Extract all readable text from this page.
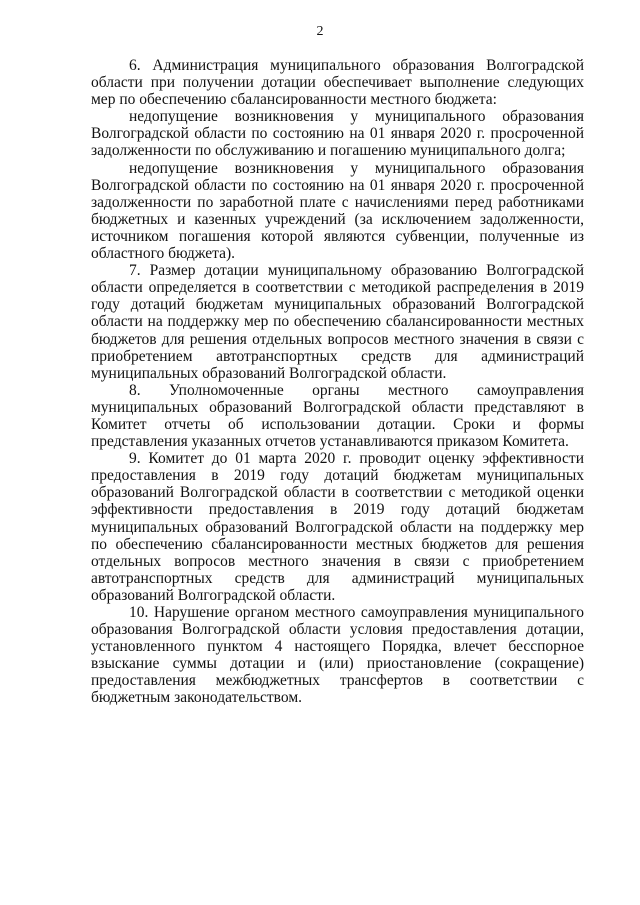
2

6. Администрация муниципального образования Волгоградской области при получении дотации обеспечивает выполнение следующих мер по обеспечению сбалансированности местного бюджета:

недопущение возникновения у муниципального образования Волгоградской области по состоянию на 01 января 2020 г. просроченной задолженности по обслуживанию и погашению муниципального долга;

недопущение возникновения у муниципального образования Волгоградской области по состоянию на 01 января 2020 г. просроченной задолженности по заработной плате с начислениями перед работниками бюджетных и казенных учреждений (за исключением задолженности, источником погашения которой являются субвенции, полученные из областного бюджета).

7. Размер дотации муниципальному образованию Волгоградской области определяется в соответствии с методикой распределения в 2019 году дотаций бюджетам муниципальных образований Волгоградской области на поддержку мер по обеспечению сбалансированности местных бюджетов для решения отдельных вопросов местного значения в связи с приобретением автотранспортных средств для администраций муниципальных образований Волгоградской области.

8. Уполномоченные органы местного самоуправления муниципальных образований Волгоградской области представляют в Комитет отчеты об использовании дотации. Сроки и формы представления указанных отчетов устанавливаются приказом Комитета.

9. Комитет до 01 марта 2020 г. проводит оценку эффективности предоставления в 2019 году дотаций бюджетам муниципальных образований Волгоградской области в соответствии с методикой оценки эффективности предоставления в 2019 году дотаций бюджетам муниципальных образований Волгоградской области на поддержку мер по обеспечению сбалансированности местных бюджетов для решения отдельных вопросов местного значения в связи с приобретением автотранспортных средств для администраций муниципальных образований Волгоградской области.

10. Нарушение органом местного самоуправления муниципального образования Волгоградской области условия предоставления дотации, установленного пунктом 4 настоящего Порядка, влечет бесспорное взыскание суммы дотации и (или) приостановление (сокращение) предоставления межбюджетных трансфертов в соответствии с бюджетным законодательством.
